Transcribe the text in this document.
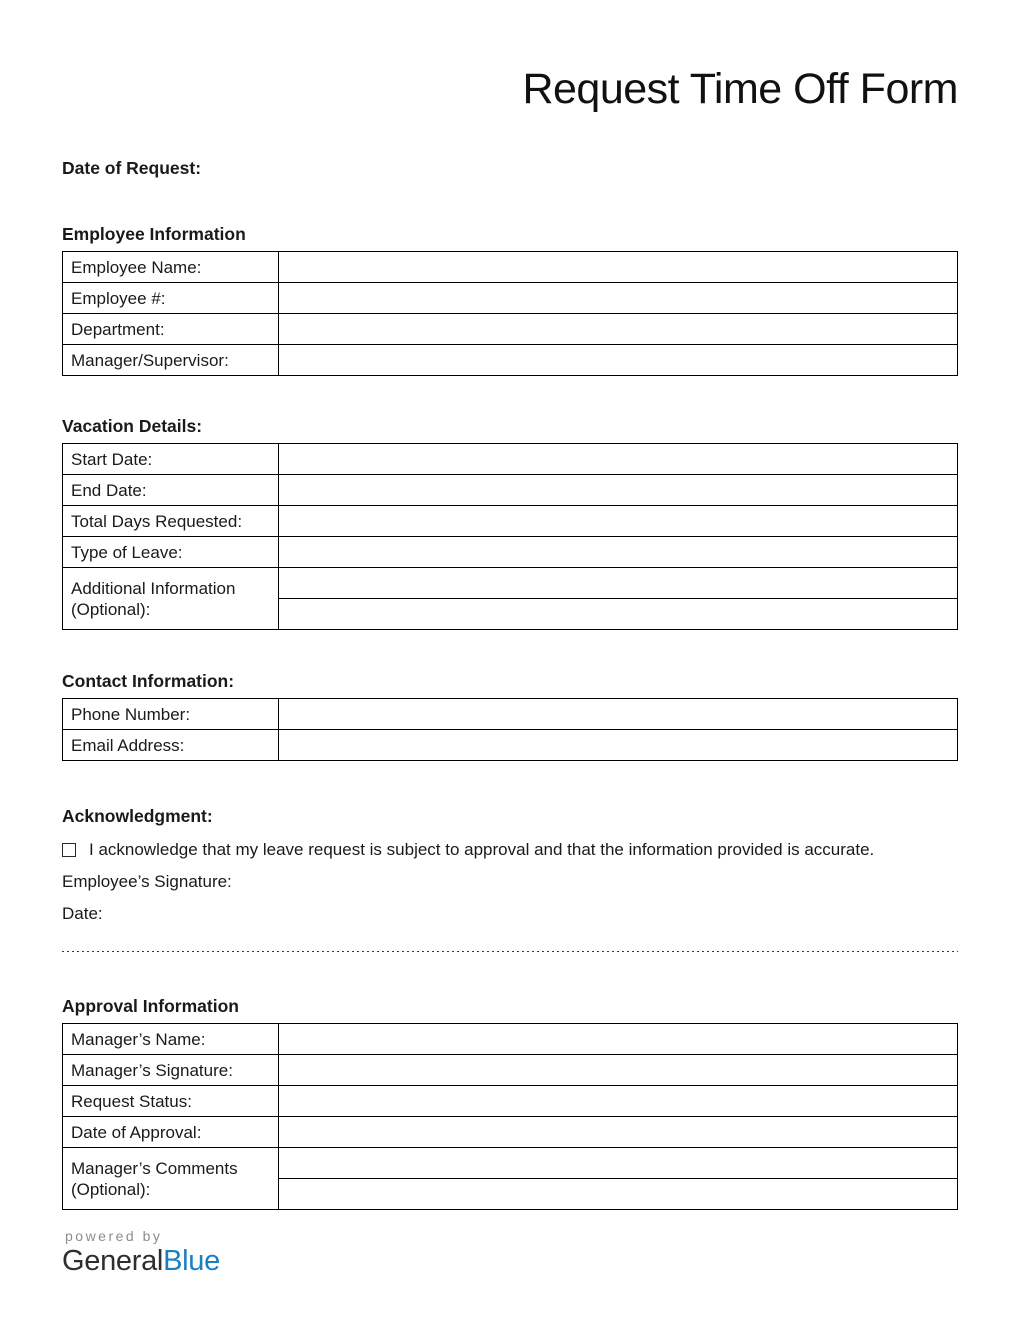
Request Time Off Form
Date of Request:
Employee Information
Employee Name:	
Employee #:	
Department:	
Manager/Supervisor:	
Vacation Details:
Start Date:	
End Date:	
Total Days Requested:	
Type of Leave:	
Additional Information (Optional):	

Contact Information:
Phone Number:	
Email Address:	
Acknowledgment:
I acknowledge that my leave request is subject to approval and that the information provided is accurate.
Employee’s Signature:
Date:
Approval Information
Manager’s Name:	
Manager’s Signature:	
Request Status:	
Date of Approval:	
Manager’s Comments (Optional):	

powered by
GeneralBlue
